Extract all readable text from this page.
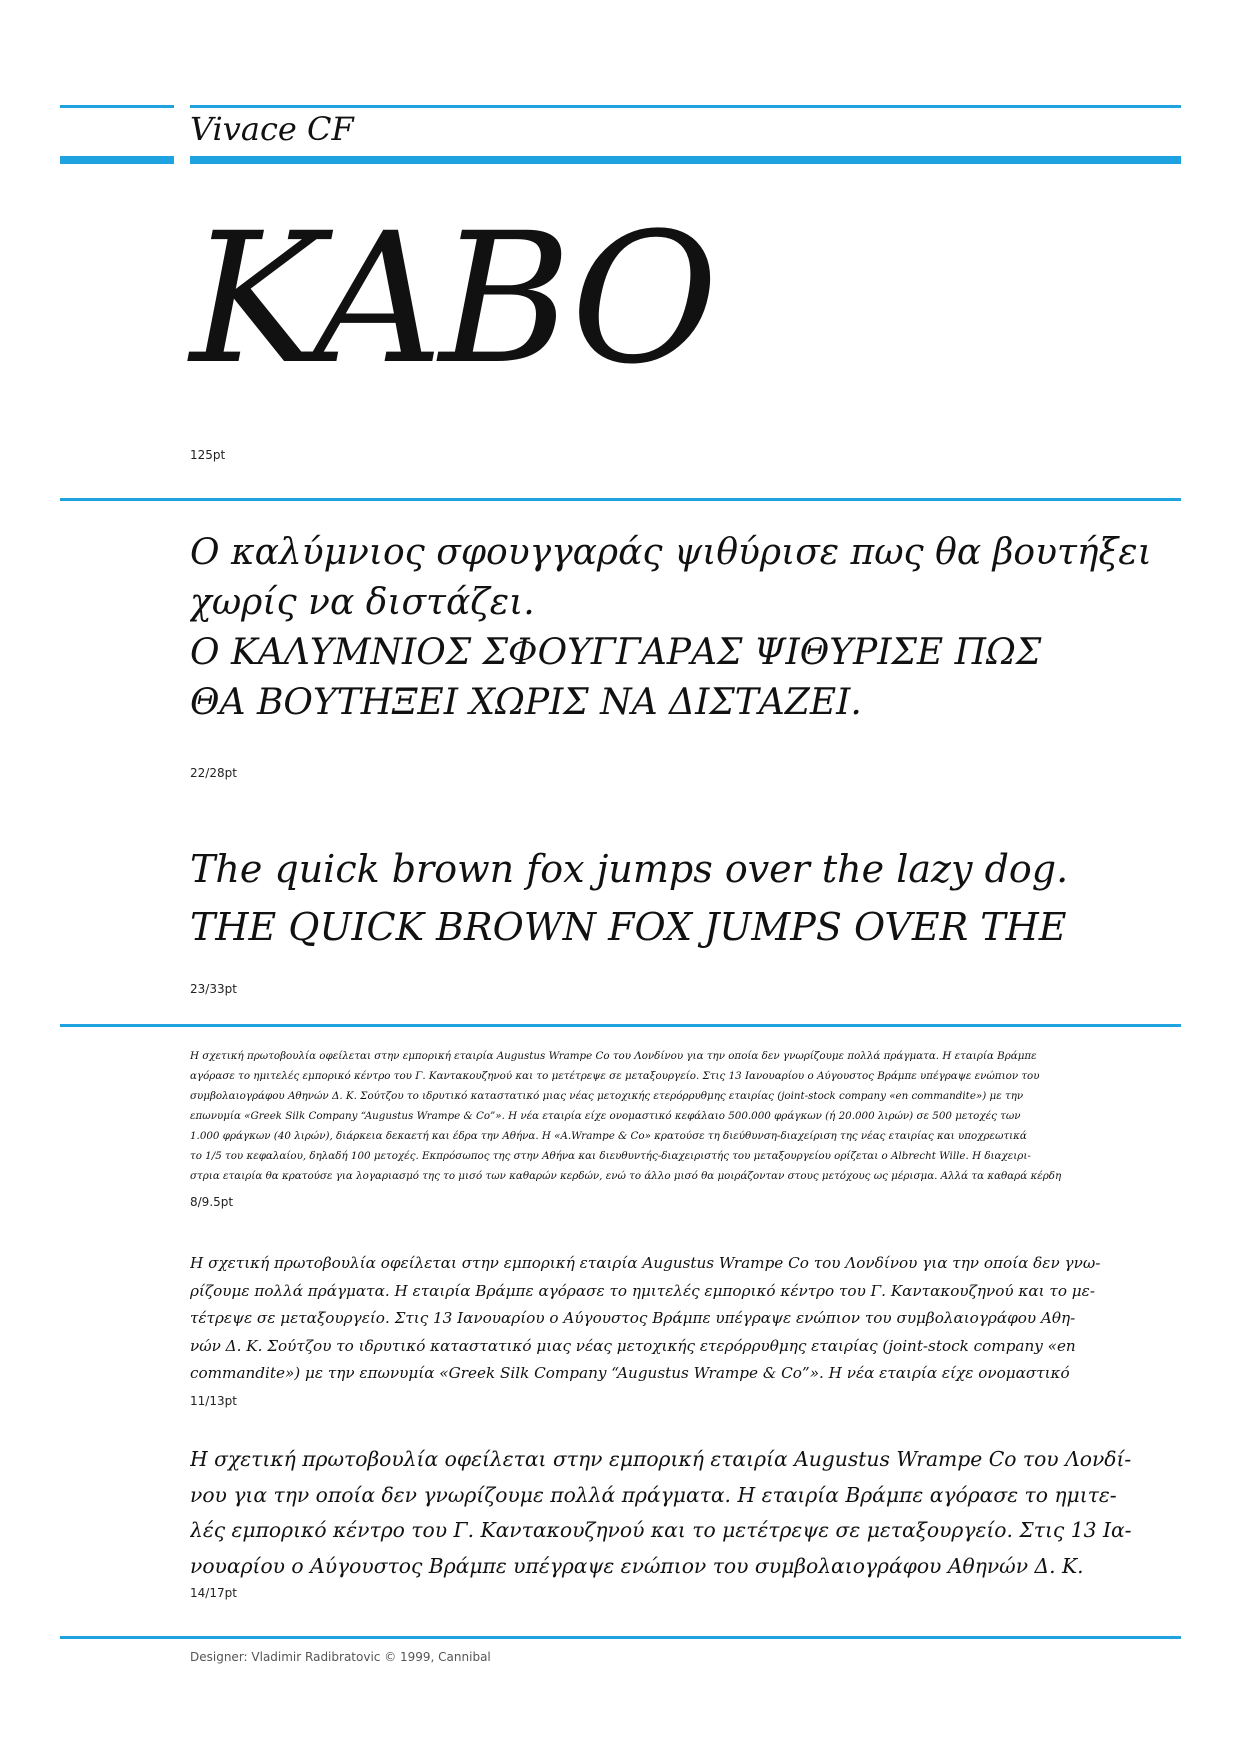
Vivace CF
KABO
125pt

Ο καλύμνιος σφουγγαράς ψιθύρισε πως θα βουτήξει

χωρίς να διστάζει.

Ο ΚΑΛΥΜΝΙΟΣ ΣΦΟΥΓΓΑΡΑΣ ΨΙΘΥΡΙΣΕ ΠΩΣ

ΘΑ ΒΟΥΤΗΞΕΙ ΧΩΡΙΣ ΝΑ ΔΙΣΤΑΖΕΙ.

22/28pt

The quick brown fox jumps over the lazy dog.

THE QUICK BROWN FOX JUMPS OVER THE

23/33pt

Η σχετική πρωτοβουλία οφείλεται στην εμπορική εταιρία Augustus Wrampe Co του Λονδίνου για την οποία δεν γνωρίζουμε πολλά πράγματα. Η εταιρία Βράμπε

αγόρασε το ημιτελές εμπορικό κέντρο του Γ. Καντακουζηνού και το μετέτρεψε σε μεταξουργείο. Στις 13 Ιανουαρίου ο Αύγουστος Βράμπε υπέγραψε ενώπιον του

συμβολαιογράφου Αθηνών Δ. Κ. Σούτζου το ιδρυτικό καταστατικό μιας νέας μετοχικής ετερόρρυθμης εταιρίας (joint-stock company «en commandite») με την

επωνυμία «Greek Silk Company “Augustus Wrampe & Co”». Η νέα εταιρία είχε ονομαστικό κεφάλαιο 500.000 φράγκων (ή 20.000 λιρών) σε 500 μετοχές των

1.000 φράγκων (40 λιρών), διάρκεια δεκαετή και έδρα την Αθήνα. Η «A.Wrampe & Co» κρατούσε τη διεύθυνση-διαχείριση της νέας εταιρίας και υποχρεωτικά

το 1/5 του κεφαλαίου, δηλαδή 100 μετοχές. Εκπρόσωπος της στην Αθήνα και διευθυντής-διαχειριστής του μεταξουργείου ορίζεται ο Albrecht Wille. Η διαχειρι-

στρια εταιρία θα κρατούσε για λογαριασμό της το μισό των καθαρών κερδών, ενώ το άλλο μισό θα μοιράζονταν στους μετόχους ως μέρισμα. Αλλά τα καθαρά κέρδη

8/9.5pt

Η σχετική πρωτοβουλία οφείλεται στην εμπορική εταιρία Augustus Wrampe Co του Λονδίνου για την οποία δεν γνω-

ρίζουμε πολλά πράγματα. Η εταιρία Βράμπε αγόρασε το ημιτελές εμπορικό κέντρο του Γ. Καντακουζηνού και το με-

τέτρεψε σε μεταξουργείο. Στις 13 Ιανουαρίου ο Αύγουστος Βράμπε υπέγραψε ενώπιον του συμβολαιογράφου Αθη-

νών Δ. Κ. Σούτζου το ιδρυτικό καταστατικό μιας νέας μετοχικής ετερόρρυθμης εταιρίας (joint-stock company «en

commandite») με την επωνυμία «Greek Silk Company “Augustus Wrampe & Co”». Η νέα εταιρία είχε ονομαστικό

11/13pt

Η σχετική πρωτοβουλία οφείλεται στην εμπορική εταιρία Augustus Wrampe Co του Λονδί-

νου για την οποία δεν γνωρίζουμε πολλά πράγματα. Η εταιρία Βράμπε αγόρασε το ημιτε-

λές εμπορικό κέντρο του Γ. Καντακουζηνού και το μετέτρεψε σε μεταξουργείο. Στις 13 Ια-

νουαρίου ο Αύγουστος Βράμπε υπέγραψε ενώπιον του συμβολαιογράφου Αθηνών Δ. Κ.

14/17pt
Designer: Vladimir Radibratovic © 1999, Cannibal
